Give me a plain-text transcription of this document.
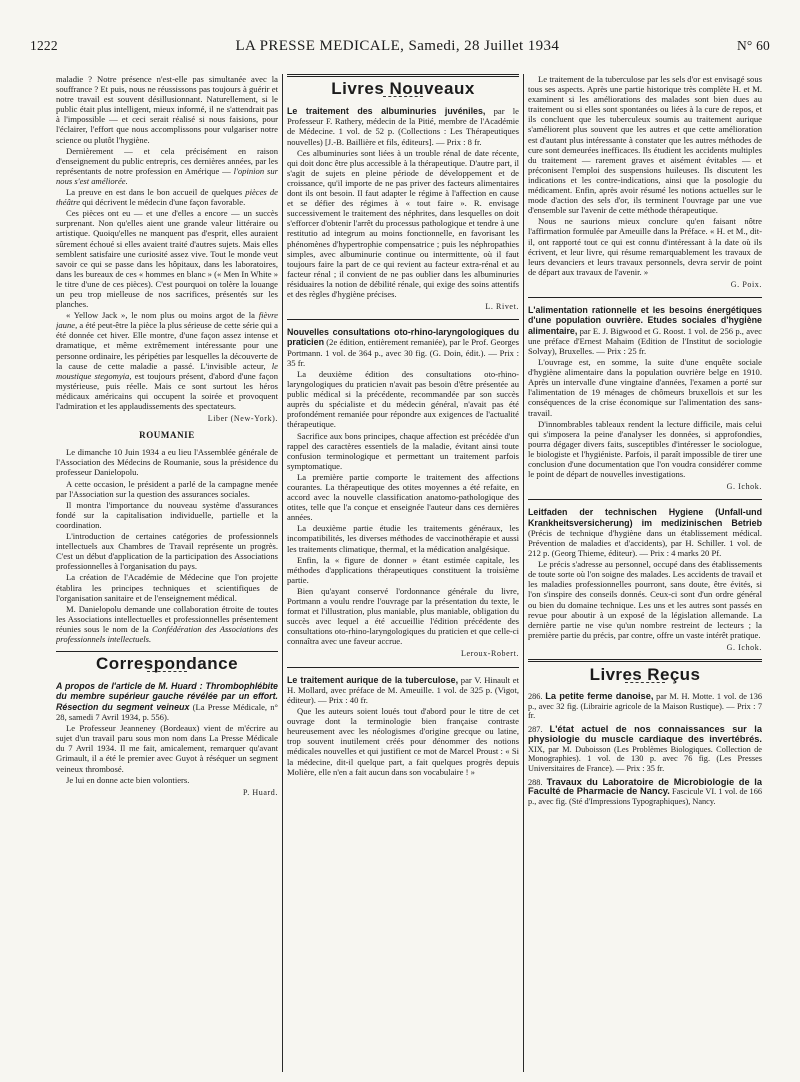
1222	LA PRESSE MEDICALE, Samedi, 28 Juillet 1934	N° 60

maladie ? Notre présence n'est-elle pas simultanée avec la souffrance ? Et puis, nous ne réussissons pas toujours à guérir et notre travail est souvent désillusionnant. Naturellement, si le public était plus intelligent, mieux informé, il ne s'attendrait pas à l'impossible — et ceci serait réalisé si nous faisions, pour l'éclairer, l'effort que nous accomplissons pour vulgariser notre science ou plutôt l'hygiène.

Dernièrement — et cela précisément en raison d'enseignement du public entrepris, ces dernières années, par les représentants de notre profession en Amérique — l'opinion sur nous s'est améliorée.

La preuve en est dans le bon accueil de quelques pièces de théâtre qui décrivent le médecin d'une façon favorable.

Ces pièces ont eu — et une d'elles a encore — un succès surprenant. Non qu'elles aient une grande valeur littéraire ou artistique. Quoiqu'elles ne manquent pas d'esprit, elles auraient sûrement échoué si elles avaient traité d'autres sujets. Mais elles semblent satisfaire une curiosité assez vive. Tout le monde veut savoir ce qui se passe dans les hôpitaux, dans les laboratoires, dans les bureaux de ces « hommes en blanc » (« Men In White » le titre d'une de ces pièces). C'est pourquoi on tolère la louange un peu trop mielleuse de nos sacrifices, présentés sur les planches.

« Yellow Jack », le nom plus ou moins argot de la fièvre jaune, a été peut-être la pièce la plus sérieuse de cette série qui a été donnée cet hiver. Elle montre, d'une façon assez intense et dramatique, et même extrêmement intéressante pour une personne ordinaire, les péripéties par lesquelles la découverte de la cause de cette maladie a passé. L'invisible acteur, le moustique stegomyia, est toujours présent, d'abord d'une façon mystérieuse, puis réelle. Mais ce sont surtout les héros médicaux américains qui occupent la soirée et provoquent l'admiration et les applaudissements des spectateurs.

Liber (New-York).

ROUMANIE

Le dimanche 10 Juin 1934 a eu lieu l'Assemblée générale de l'Association des Médecins de Roumanie, sous la présidence du professeur Danielopolu.

A cette occasion, le président a parlé de la campagne menée par l'Association sur la question des assurances sociales.

Il montra l'importance du nouveau système d'assurances fondé sur la capitalisation individuelle, partielle et la coordination.

L'introduction de certaines catégories de professionnels intellectuels aux Chambres de Travail représente un progrès. C'est un début d'application de la participation des Associations professionnelles à l'organisation du pays.

La création de l'Académie de Médecine que l'on projette établira les principes techniques et scientifiques de l'organisation sanitaire et de l'enseignement médical.

M. Danielopolu demande une collaboration étroite de toutes les Associations intellectuelles et professionnelles présentement réunies sous le nom de la Confédération des Associations des professionnels intellectuels.

Correspondance

A propos de l'article de M. Huard : Thrombophlébite du membre supérieur gauche révélée par un effort. Résection du segment veineux (La Presse Médicale, n° 28, samedi 7 Avril 1934, p. 556).

Le Professeur Jeanneney (Bordeaux) vient de m'écrire au sujet d'un travail paru sous mon nom dans La Presse Médicale du 7 Avril 1934. Il me fait, amicalement, remarquer qu'avant Grimault, il a été le premier avec Guyot à réséquer un segment veineux thrombosé.

Je lui en donne acte bien volontiers.

P. Huard.

Livres Nouveaux

Le traitement des albuminuries juvéniles, par le Professeur F. Rathery, médecin de la Pitié, membre de l'Académie de Médecine. 1 vol. de 52 p. (Collections : Les Thérapeutiques nouvelles) [J.-B. Baillière et fils, éditeurs]. — Prix : 8 fr.

Ces albuminuries sont liées à un trouble rénal de date récente, qui doit donc être plus accessible à la thérapeutique. D'autre part, il s'agit de sujets en pleine période de développement et de croissance, qu'il importe de ne pas priver des facteurs alimentaires dont ils ont besoin. Il faut adapter le régime à l'affection en cause et se défier des régimes à « tout faire ». R. envisage successivement le traitement des néphrites, dans lesquelles on doit s'efforcer d'obtenir l'arrêt du processus pathologique et tendre à une restitutio ad integrum au moins fonctionnelle, en favorisant les phénomènes d'hypertrophie compensatrice ; puis les néphropathies simples, avec albuminurie continue ou intermittente, où il faut toujours faire la part de ce qui revient au facteur extra-rénal et au facteur rénal ; il convient de ne pas oublier dans les albuminuries résiduaires la notion de débilité rénale, qui exige des soins attentifs et des règles d'hygiène précises.

L. Rivet.

Nouvelles consultations oto-rhino-laryngologiques du praticien (2e édition, entièrement remaniée), par le Prof. Georges Portmann. 1 vol. de 364 p., avec 30 fig. (G. Doin, édit.). — Prix : 35 fr.

La deuxième édition des consultations oto-rhino-laryngologiques du praticien n'avait pas besoin d'être présentée au public médical si la précédente, recommandée par son succès auprès du spécialiste et du médecin général, n'avait pas été profondément remaniée pour répondre aux exigences de l'actualité thérapeutique.

Sacrifice aux bons principes, chaque affection est précédée d'un rappel des caractères essentiels de la maladie, évitant ainsi toute confusion terminologique et permettant un traitement parfois symptomatique.

La première partie comporte le traitement des affections courantes. La thérapeutique des otites moyennes a été refaite, en accord avec la nouvelle classification anatomo-pathologique des otites, telle que l'a conçue et enseignée l'auteur dans ces dernières années.

La deuxième partie étudie les traitements généraux, les incompatibilités, les diverses méthodes de vaccinothérapie et aussi les traitements climatique, thermal, et la médication analgésique.

Enfin, la « figure de donner » étant estimée capitale, les méthodes d'applications thérapeutiques constituent la troisième partie.

Bien qu'ayant conservé l'ordonnance générale du livre, Portmann a voulu rendre l'ouvrage par la présentation du texte, le format et l'illustration, plus maniable, plus maniable, obligation du succès avec lequel a été accueillie l'édition précédente des consultations oto-rhino-laryngologiques du praticien et que celle-ci connaîtra avec une faveur accrue.

Leroux-Robert.

Le traitement aurique de la tuberculose, par V. Hinault et H. Mollard, avec préface de M. Ameuille. 1 vol. de 325 p. (Vigot, éditeur). — Prix : 40 fr.

Que les auteurs soient loués tout d'abord pour le titre de cet ouvrage dont la terminologie bien française contraste heureusement avec les néologismes d'origine grecque ou latine, trop souvent inutilement créés pour dénommer des notions médicales nouvelles et qui justifient ce mot de Marcel Proust : « Si la médecine, dit-il quelque part, a fait quelques progrès depuis Molière, elle n'en a fait aucun dans son vocabulaire ! »

Le traitement de la tuberculose par les sels d'or est envisagé sous tous ses aspects. Après une partie historique très complète H. et M. examinent si les améliorations des malades sont bien dues au traitement ou si elles sont spontanées ou liées à la cure de repos, et ils concluent que les tuberculeux soumis au traitement aurique s'améliorent plus souvent que les autres et que cette amélioration est d'autant plus intéressante à constater que les autres méthodes de cure sont demeurées inefficaces. Ils étudient les accidents multiples du traitement — rarement graves et aisément évitables — et préconisent l'emploi des suspensions huileuses. Ils discutent les indications et les contre-indications, ainsi que la posologie du médicament. Enfin, après avoir résumé les notions actuelles sur le mode d'action des sels d'or, ils terminent l'ouvrage par une vue d'ensemble sur l'avenir de cette méthode thérapeutique.

Nous ne saurions mieux conclure qu'en faisant nôtre l'affirmation formulée par Ameuille dans la Préface. « H. et M., dit-il, ont rapporté tout ce qui est connu d'intéressant à la date où ils écrivent, et leur livre, qui résume remarquablement les travaux de leurs devanciers et leurs travaux personnels, devra servir de point de départ aux travaux de l'avenir. »

G. Poix.

L'alimentation rationnelle et les besoins énergétiques d'une population ouvrière. Etudes sociales d'hygiène alimentaire, par E. J. Bigwood et G. Roost. 1 vol. de 256 p., avec une préface d'Ernest Mahaim (Edition de l'Institut de sociologie Solvay), Bruxelles. — Prix : 25 fr.

L'ouvrage est, en somme, la suite d'une enquête sociale d'hygiène alimentaire dans la population ouvrière belge en 1910. Après un intervalle d'une vingtaine d'années, l'examen a porté sur l'alimentation de 19 ménages de chômeurs bruxellois et sur les conséquences de la crise économique sur l'alimentation des sans-travail.

D'innombrables tableaux rendent la lecture difficile, mais celui qui s'imposera la peine d'analyser les données, si approfondies, pourra dégager divers faits, susceptibles d'intéresser le sociologue, le biologiste et l'hygiéniste. Parfois, il paraît impossible de tirer une conclusion d'une documentation que l'on voudra considérer comme le point de départ de nouvelles investigations.

G. Ichok.

Leitfaden der technischen Hygiene (Unfall-und Krankheitsversicherung) im medizinischen Betrieb (Précis de technique d'hygiène dans un établissement médical. Prévention de maladies et d'accidents), par H. Schiller. 1 vol. de 212 p. (Georg Thieme, éditeur). — Prix : 4 marks 20 Pf.

Le précis s'adresse au personnel, occupé dans des établissements de toute sorte où l'on soigne des malades. Les accidents de travail et les maladies professionnelles pourront, sans doute, être évités, si l'on s'inspire des conseils donnés. Ceux-ci sont d'un ordre général ou bien du domaine technique. Les uns et les autres sont passés en revue pour aboutir à un exposé de la législation allemande. La dernière partie ne vise qu'un nombre restreint de lecteurs ; la première partie du précis, par contre, offre un vaste intérêt pratique.

G. Ichok.

Livres Reçus

286. La petite ferme danoise, par M. H. Motte. 1 vol. de 136 p., avec 32 fig. (Librairie agricole de la Maison Rustique). — Prix : 7 fr.

287. L'état actuel de nos connaissances sur la physiologie du muscle cardiaque des invertébrés. XIX, par M. Duboisson (Les Problèmes Biologiques. Collection de Monographies). 1 vol. de 130 p. avec 76 fig. (Les Presses Universitaires de France). — Prix : 35 fr.

288. Travaux du Laboratoire de Microbiologie de la Faculté de Pharmacie de Nancy. Fascicule VI. 1 vol. de 166 p., avec fig. (Sté d'Impressions Typographiques), Nancy.
